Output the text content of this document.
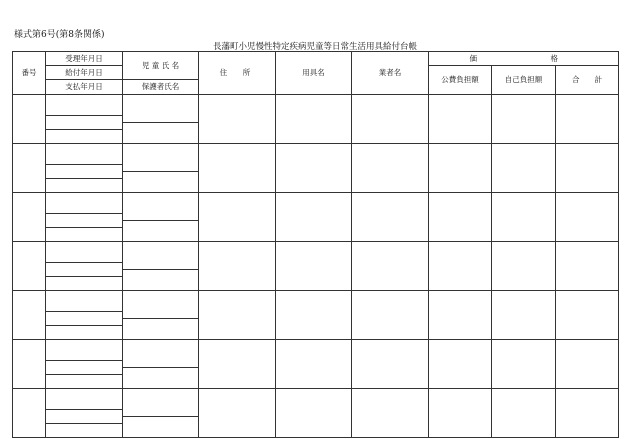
様式第6号(第8条関係)
長藩町小児慢性特定疾病児童等日常生活用具給付台帳
番号	受理年月日	児 童 氏 名	住　所	用具名	業者名	価　　格		
	給付年月日					公費負担額	自己負担額	合　　計
	支払年月日	保護者氏名						
